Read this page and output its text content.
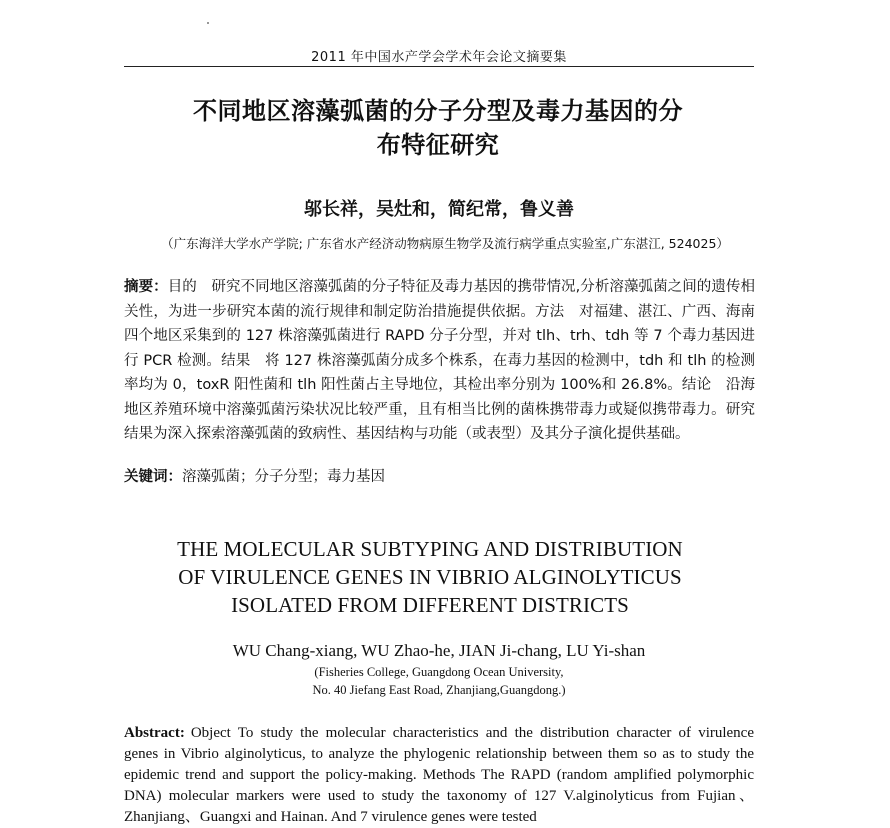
2011 年中国水产学会学术年会论文摘要集
不同地区溶藻弧菌的分子分型及毒力基因的分
布特征研究
邬长祥，吴灶和，简纪常，鲁义善
（广东海洋大学水产学院; 广东省水产经济动物病原生物学及流行病学重点实验室,广东湛江, 524025）
摘要：目的　研究不同地区溶藻弧菌的分子特征及毒力基因的携带情况,分析溶藻弧菌之间的遗传相关性，为进一步研究本菌的流行规律和制定防治措施提供依据。方法　对福建、湛江、广西、海南四个地区采集到的 127 株溶藻弧菌进行 RAPD 分子分型，并对 tlh、trh、tdh 等 7 个毒力基因进行 PCR 检测。结果　将 127 株溶藻弧菌分成多个株系，在毒力基因的检测中，tdh 和 tlh 的检测率均为 0，toxR 阳性菌和 tlh 阳性菌占主导地位，其检出率分别为 100%和 26.8%。结论　沿海地区养殖环境中溶藻弧菌污染状况比较严重，且有相当比例的菌株携带毒力或疑似携带毒力。研究结果为深入探索溶藻弧菌的致病性、基因结构与功能（或表型）及其分子演化提供基础。
关键词：溶藻弧菌；分子分型；毒力基因
THE MOLECULAR SUBTYPING AND DISTRIBUTION
OF VIRULENCE GENES IN VIBRIO ALGINOLYTICUS
ISOLATED FROM DIFFERENT DISTRICTS
WU Chang-xiang, WU Zhao-he, JIAN Ji-chang, LU Yi-shan
(Fisheries College, Guangdong Ocean University,
No. 40 Jiefang East Road, Zhanjiang,Guangdong.)
Abstract: Object To study the molecular characteristics and the distribution character of virulence genes in Vibrio alginolyticus, to analyze the phylogenic relationship between them so as to study the epidemic trend and support the policy-making. Methods The RAPD (random amplified polymorphic DNA) molecular markers were used to study the taxonomy of 127 V.alginolyticus from Fujian、Zhanjiang、Guangxi and Hainan. And 7 virulence genes were tested
